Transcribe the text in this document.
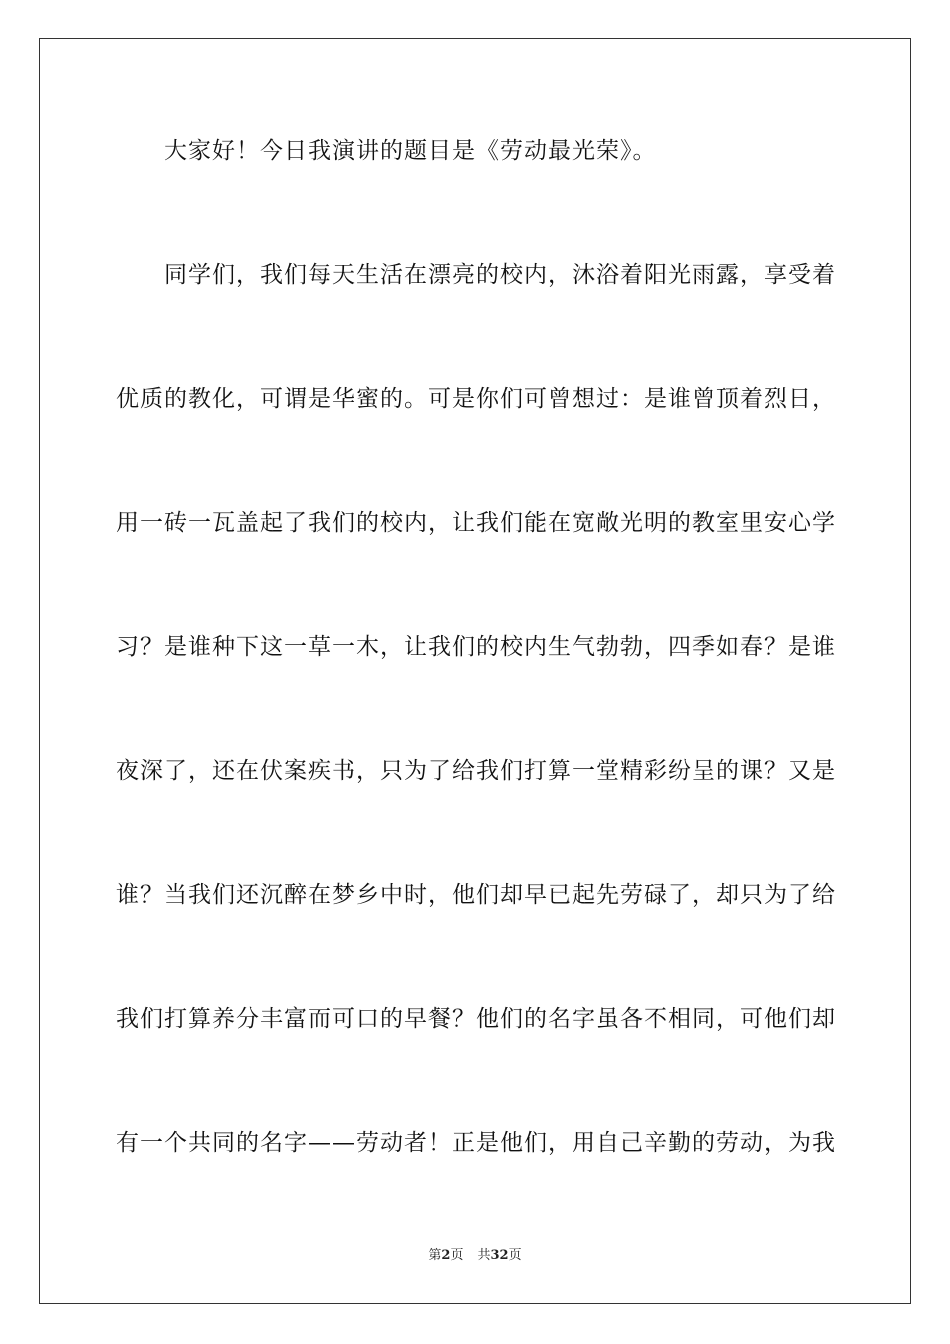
大家好！今日我演讲的题目是《劳动最光荣》。
同学们，我们每天生活在漂亮的校内，沐浴着阳光雨露，享受着
优质的教化，可谓是华蜜的。可是你们可曾想过：是谁曾顶着烈日，
用一砖一瓦盖起了我们的校内，让我们能在宽敞光明的教室里安心学
习？是谁种下这一草一木，让我们的校内生气勃勃，四季如春？是谁
夜深了，还在伏案疾书，只为了给我们打算一堂精彩纷呈的课？又是
谁？当我们还沉醉在梦乡中时，他们却早已起先劳碌了，却只为了给
我们打算养分丰富而可口的早餐？他们的名字虽各不相同，可他们却
有一个共同的名字——劳动者！正是他们，用自己辛勤的劳动，为我
第2页 共32页
